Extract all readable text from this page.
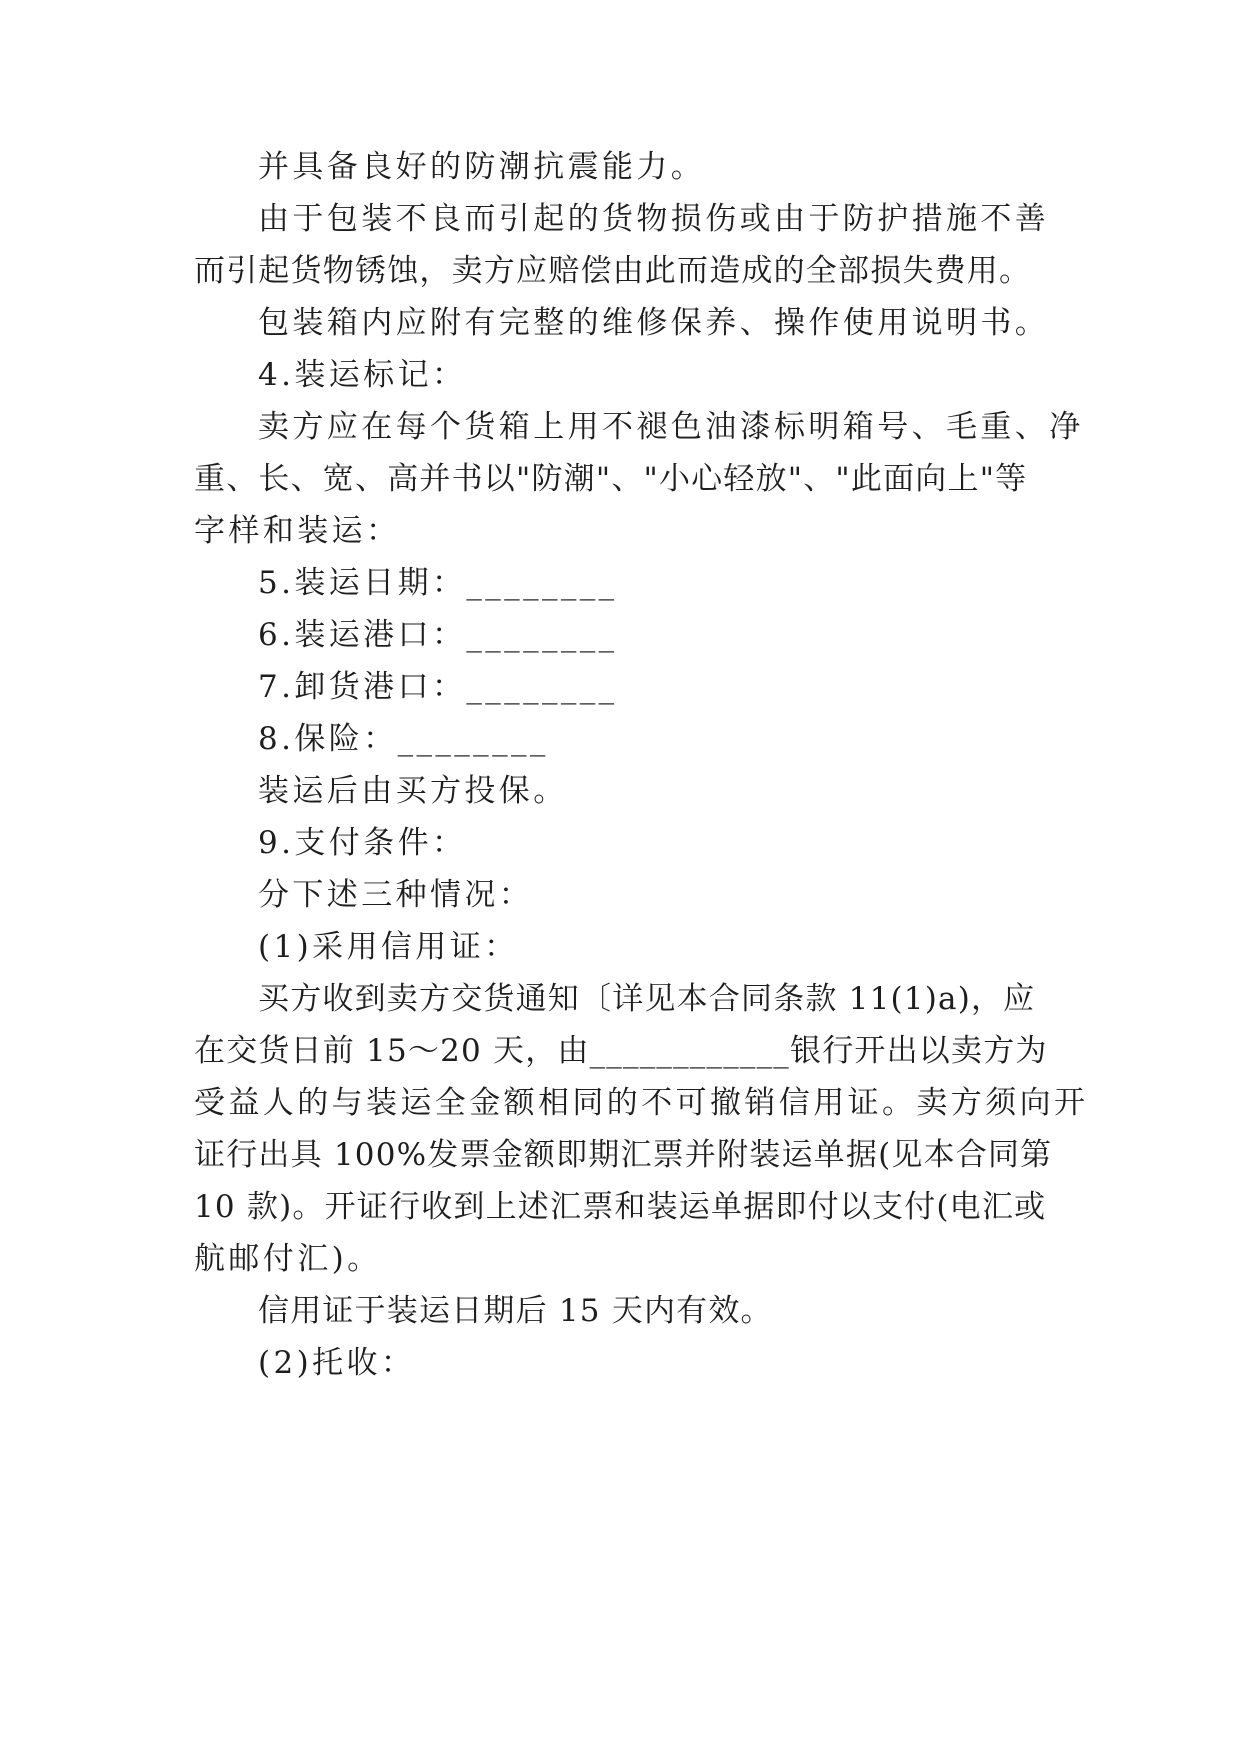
并具备良好的防潮抗震能力。
由于包装不良而引起的货物损伤或由于防护措施不善
而引起货物锈蚀，卖方应赔偿由此而造成的全部损失费用。
包装箱内应附有完整的维修保养、操作使用说明书。
4.装运标记：
卖方应在每个货箱上用不褪色油漆标明箱号、毛重、净
重、长、宽、高并书以"防潮"、"小心轻放"、"此面向上"等
字样和装运：
5.装运日期：________
6.装运港口：________
7.卸货港口：________
8.保险：________
装运后由买方投保。
9.支付条件：
分下述三种情况：
(1)采用信用证：
买方收到卖方交货通知〔详见本合同条款 11(1)a)，应
在交货日前 15～20 天，由____________银行开出以卖方为
受益人的与装运全金额相同的不可撤销信用证。卖方须向开
证行出具 100%发票金额即期汇票并附装运单据(见本合同第
10 款)。开证行收到上述汇票和装运单据即付以支付(电汇或
航邮付汇)。
信用证于装运日期后 15 天内有效。
(2)托收：
